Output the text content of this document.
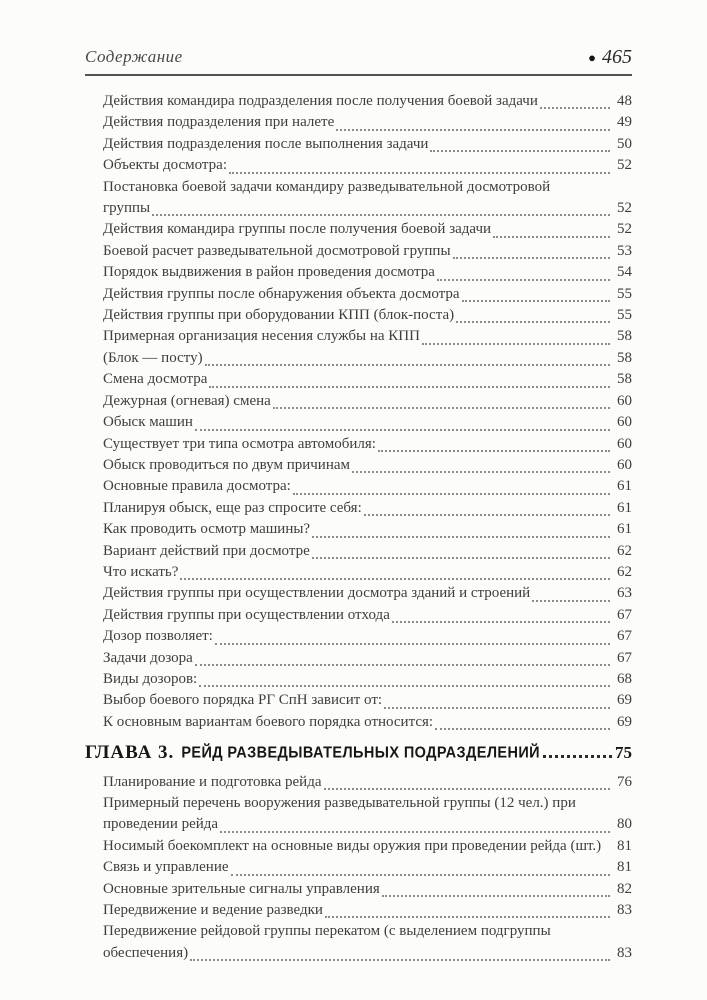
Содержание	● 465
Действия командира подразделения после получения боевой задачи	48
Действия подразделения при налете	49
Действия подразделения после выполнения задачи	50
Объекты досмотра:	52
Постановка боевой задачи командиру разведывательной досмотровой
группы	52
Действия командира группы после получения боевой задачи	52
Боевой расчет разведывательной досмотровой группы	53
Порядок выдвижения в район проведения досмотра	54
Действия группы после обнаружения объекта досмотра	55
Действия группы при оборудовании КПП (блок-поста)	55
Примерная организация несения службы на КПП	58
(Блок — посту)	58
Смена досмотра	58
Дежурная (огневая) смена	60
Обыск машин	60
Существует три типа осмотра автомобиля:	60
Обыск проводиться по двум причинам	60
Основные правила досмотра:	61
Планируя обыск, еще раз спросите себя:	61
Как проводить осмотр машины?	61
Вариант действий при досмотре	62
Что искать?	62
Действия группы при осуществлении досмотра зданий и строений	63
Действия группы при осуществлении отхода	67
Дозор позволяет:	67
Задачи дозора	67
Виды дозоров:	68
Выбор боевого порядка РГ СпН зависит от:	69
К основным вариантам боевого порядка относится:	69
ГЛАВА 3. РЕЙД РАЗВЕДЫВАТЕЛЬНЫХ ПОДРАЗДЕЛЕНИЙ	75
Планирование и подготовка рейда	76
Примерный перечень вооружения разведывательной группы (12 чел.) при
проведении рейда	80
Носимый боекомплект на основные виды оружия при проведении рейда (шт.)	81
Связь и управление	81
Основные зрительные сигналы управления	82
Передвижение и ведение разведки	83
Передвижение рейдовой группы перекатом (с выделением подгруппы
обеспечения)	83
